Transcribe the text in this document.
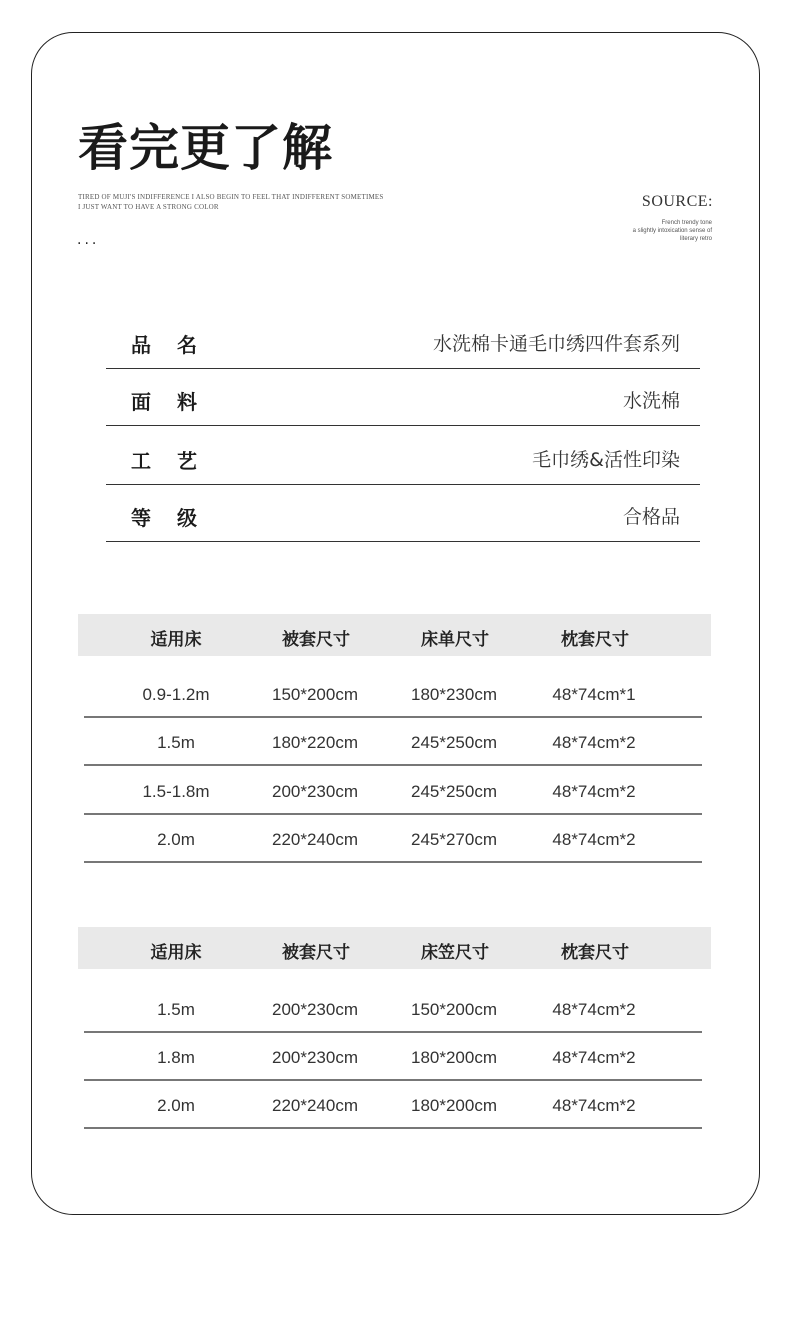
看完更了解
TIRED OF MUJI'S INDIFFERENCE I ALSO BEGIN TO FEEL THAT INDIFFERENT SOMETIMES
I JUST WANT TO HAVE A STRONG COLOR
...
SOURCE:
French trendy tone
a slightly intoxication sense of
literary retro
品名	水洗棉卡通毛巾绣四件套系列
面料	水洗棉
工艺	毛巾绣&活性印染
等级	合格品
适用床	被套尺寸	床单尺寸	枕套尺寸
0.9-1.2m	150*200cm	180*230cm	48*74cm*1
1.5m	180*220cm	245*250cm	48*74cm*2
1.5-1.8m	200*230cm	245*250cm	48*74cm*2
2.0m	220*240cm	245*270cm	48*74cm*2
适用床	被套尺寸	床笠尺寸	枕套尺寸
1.5m	200*230cm	150*200cm	48*74cm*2
1.8m	200*230cm	180*200cm	48*74cm*2
2.0m	220*240cm	180*200cm	48*74cm*2
